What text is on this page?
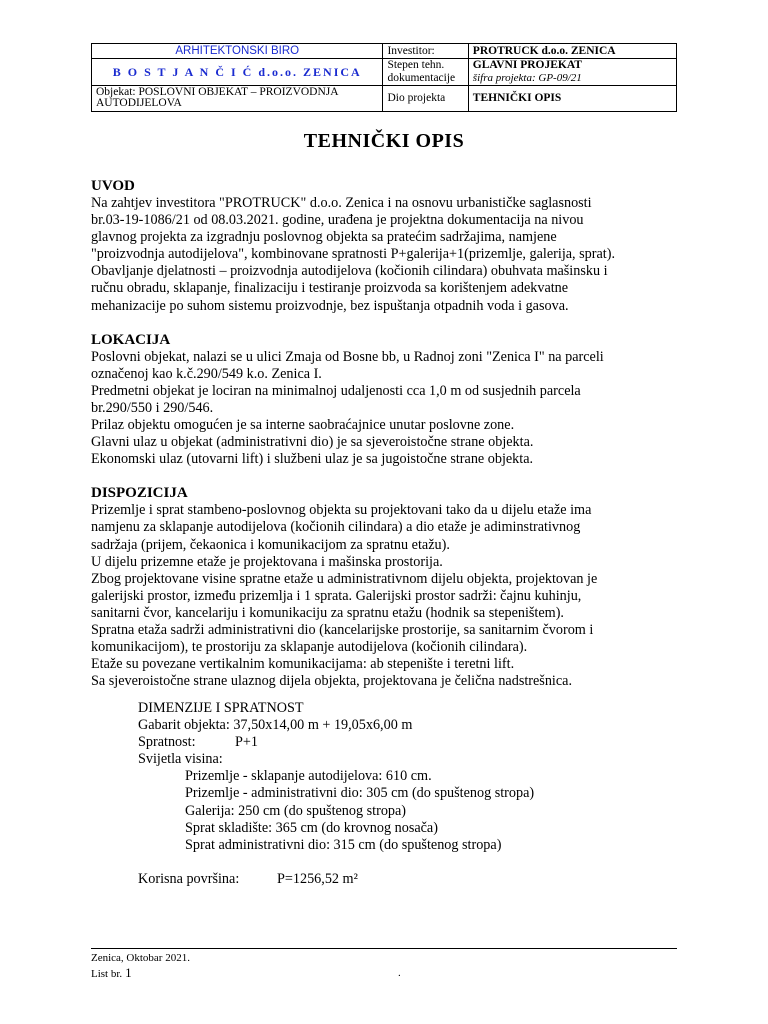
ARHITEKTONSKI BIRO	Investitor:	PROTRUCK d.o.o. ZENICA
B O S T J A N Č I Ć d.o.o. ZENICA	Stepen tehn. dokumentacije	GLAVNI PROJEKAT
šifra projekta: GP-09/21

Objekat: POSLOVNI OBJEKAT – PROIZVODNJA AUTODIJELOVA	Dio projekta	TEHNIČKI OPIS
TEHNIČKI OPIS
UVOD

Na zahtjev investitora "PROTRUCK" d.o.o. Zenica i na osnovu urbanističke saglasnosti

br.03-19-1086/21 od 08.03.2021. godine, urađena je projektna dokumentacija na nivou

glavnog projekta za izgradnju poslovnog objekta sa pratećim sadržajima, namjene

"proizvodnja autodijelova", kombinovane spratnosti P+galerija+1(prizemlje, galerija, sprat).

Obavljanje djelatnosti – proizvodnja autodijelova (kočionih cilindara) obuhvata mašinsku i

ručnu obradu, sklapanje, finalizaciju i testiranje proizvoda sa korištenjem adekvatne

mehanizacije po suhom sistemu proizvodnje, bez ispuštanja otpadnih voda i gasova.

LOKACIJA

Poslovni objekat, nalazi se u ulici Zmaja od Bosne bb, u Radnoj zoni "Zenica I" na parceli

označenoj kao k.č.290/549 k.o. Zenica I.

Predmetni objekat je lociran na minimalnoj udaljenosti cca 1,0 m od susjednih parcela

br.290/550 i 290/546.

Prilaz objektu omogućen je sa interne saobraćajnice unutar poslovne zone.

Glavni ulaz u objekat (administrativni dio) je sa sjeveroistočne strane objekta.

Ekonomski ulaz (utovarni lift) i službeni ulaz je sa jugoistočne strane objekta.

DISPOZICIJA

Prizemlje i sprat stambeno-poslovnog objekta su projektovani tako da u dijelu etaže ima

namjenu za sklapanje autodijelova (kočionih cilindara) a dio etaže je adiminstrativnog

sadržaja (prijem, čekaonica i komunikacijom za spratnu etažu).

U dijelu prizemne etaže je projektovana i mašinska prostorija.

Zbog projektovane visine spratne etaže u administrativnom dijelu objekta, projektovan je

galerijski prostor, između prizemlja i 1 sprata. Galerijski prostor sadrži: čajnu kuhinju,

sanitarni čvor, kancelariju i komunikaciju za spratnu etažu (hodnik sa stepeništem).

Spratna etaža sadrži administrativni dio (kancelarijske prostorije, sa sanitarnim čvorom i

komunikacijom), te prostoriju za sklapanje autodijelova (kočionih cilindara).

Etaže su povezane vertikalnim komunikacijama: ab stepenište i teretni lift.

Sa sjeveroistočne strane ulaznog dijela objekta, projektovana je čelična nadstrešnica.

DIMENZIJE I SPRATNOST
Gabarit objekta: 37,50x14,00 m + 19,05x6,00 m
Spratnost:	P+1
Svijetla visina:
Prizemlje - sklapanje autodijelova: 610 cm.
Prizemlje - administrativni dio: 305 cm (do spuštenog stropa)
Galerija: 250 cm (do spuštenog stropa)
Sprat skladište: 365 cm (do krovnog nosača)
Sprat administrativni dio: 315 cm (do spuštenog stropa)
Korisna površina:	P=1256,52 m²
Zenica, Oktobar 2021.
List br. 1	.
